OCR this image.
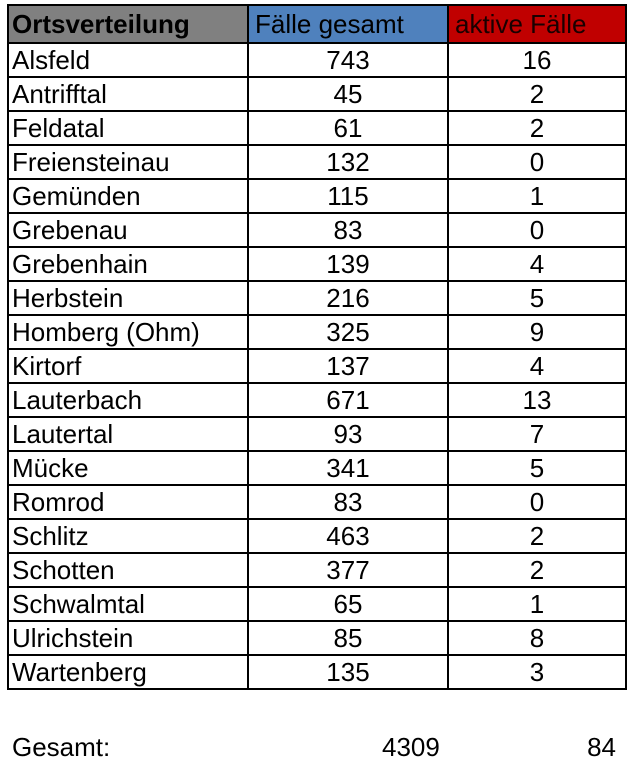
Ortsverteilung	Fälle gesamt	aktive Fälle
Alsfeld	743	16
Antrifftal	45	2
Feldatal	61	2
Freiensteinau	132	0
Gemünden	115	1
Grebenau	83	0
Grebenhain	139	4
Herbstein	216	5
Homberg (Ohm)	325	9
Kirtorf	137	4
Lauterbach	671	13
Lautertal	93	7
Mücke	341	5
Romrod	83	0
Schlitz	463	2
Schotten	377	2
Schwalmtal	65	1
Ulrichstein	85	8
Wartenberg	135	3
Gesamt:	4309	84
